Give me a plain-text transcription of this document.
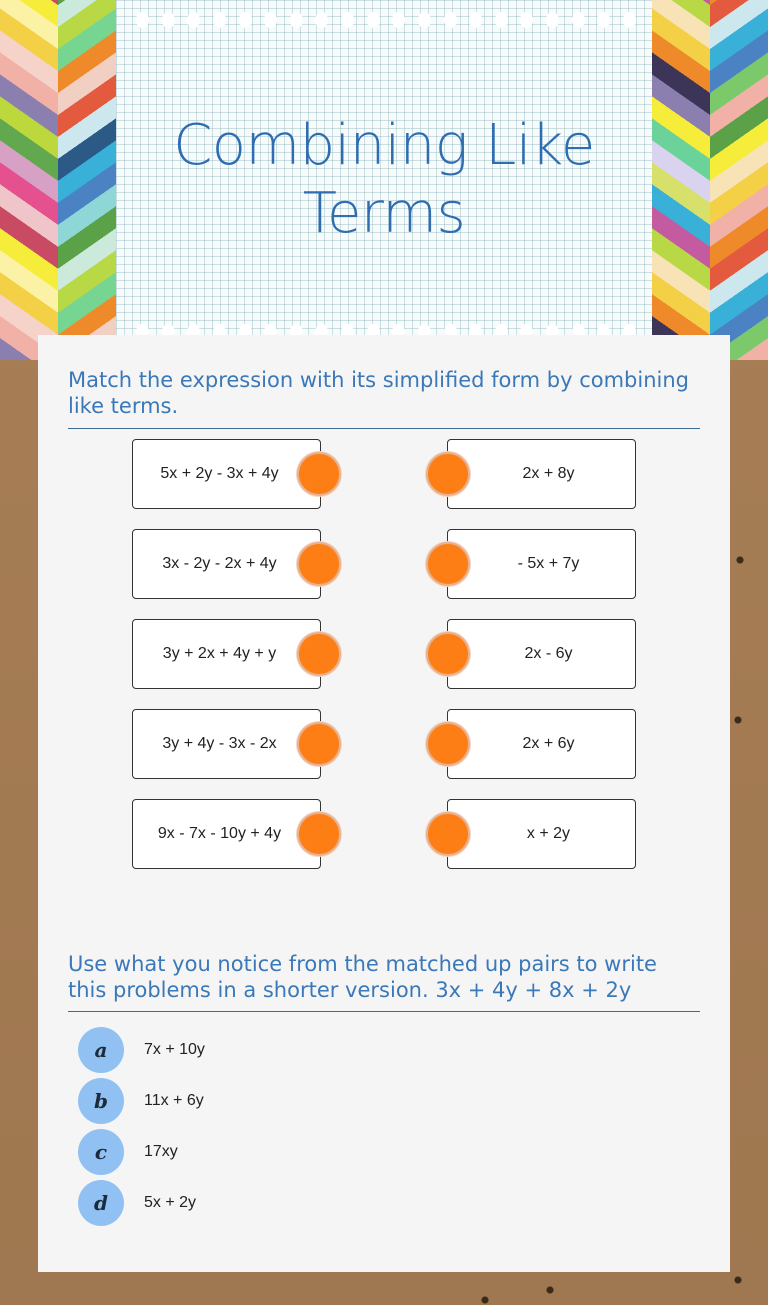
Combining Like
Terms
Match the expression with its simplified form by combining like terms.
5x + 2y - 3x + 4y
3x - 2y - 2x + 4y
3y + 2x + 4y + y
3y + 4y - 3x - 2x
9x - 7x - 10y + 4y
2x + 8y
- 5x + 7y
2x - 6y
2x + 6y
x + 2y
Use what you notice from the matched up pairs to write this problems in a shorter version. 3x + 4y + 8x + 2y
a	7x + 10y
b	11x + 6y
c	17xy
d	5x + 2y
